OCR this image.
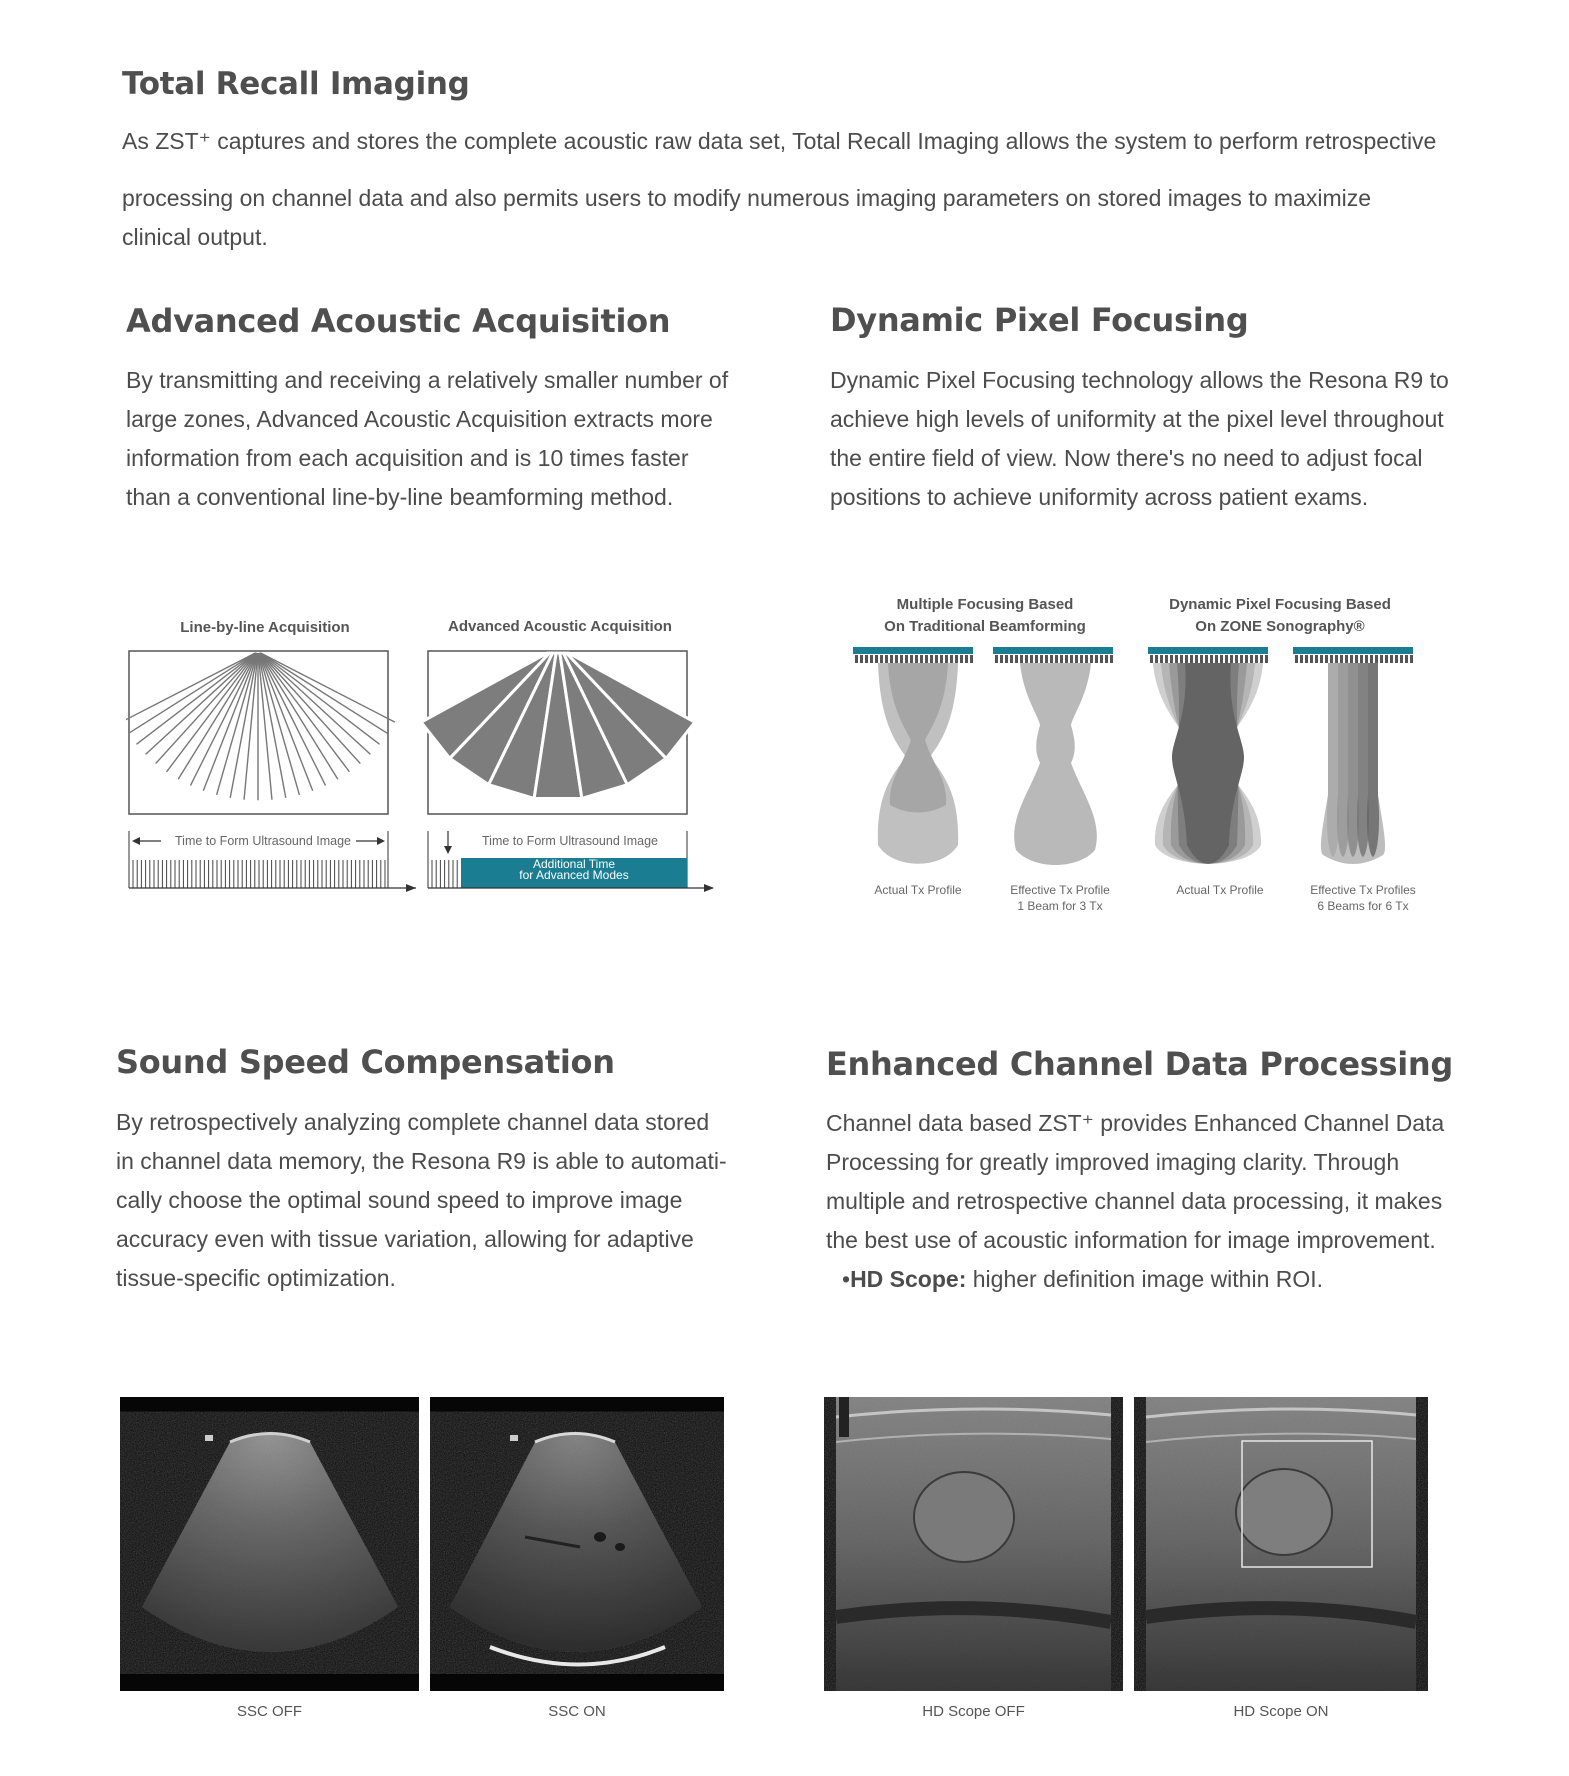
Total Recall Imaging

As ZST⁺ captures and stores the complete acoustic raw data set, Total Recall Imaging allows the system to perform retrospective

processing on channel data and also permits users to modify numerous imaging parameters on stored images to maximize

clinical output.

Advanced Acoustic Acquisition

By transmitting and receiving a relatively smaller number of

large zones, Advanced Acoustic Acquisition extracts more

information from each acquisition and is 10 times faster

than a conventional line-by-line beamforming method.

Dynamic Pixel Focusing

Dynamic Pixel Focusing technology allows the Resona R9 to

achieve high levels of uniformity at the pixel level throughout

the entire field of view. Now there's no need to adjust focal

positions to achieve uniformity across patient exams.

Line-by-line Acquisition	Advanced Acoustic Acquisition
Time to Form Ultrasound Image	Time to Form Ultrasound Image
Additional Time
for Advanced Modes
Multiple Focusing Based
On Traditional Beamforming
Dynamic Pixel Focusing Based
On ZONE Sonography®
Actual Tx Profile	Effective Tx Profile
1 Beam for 3 Tx
Actual Tx Profile	Effective Tx Profiles
6 Beams for 6 Tx
Sound Speed Compensation

By retrospectively analyzing complete channel data stored

in channel data memory, the Resona R9 is able to automati-

cally choose the optimal sound speed to improve image

accuracy even with tissue variation, allowing for adaptive

tissue-specific optimization.

Enhanced Channel Data Processing

Channel data based ZST⁺ provides Enhanced Channel Data

Processing for greatly improved imaging clarity. Through

multiple and retrospective channel data processing, it makes

the best use of acoustic information for image improvement.

•HD Scope: higher definition image within ROI.

SSC OFF	SSC ON	HD Scope OFF	HD Scope ON
